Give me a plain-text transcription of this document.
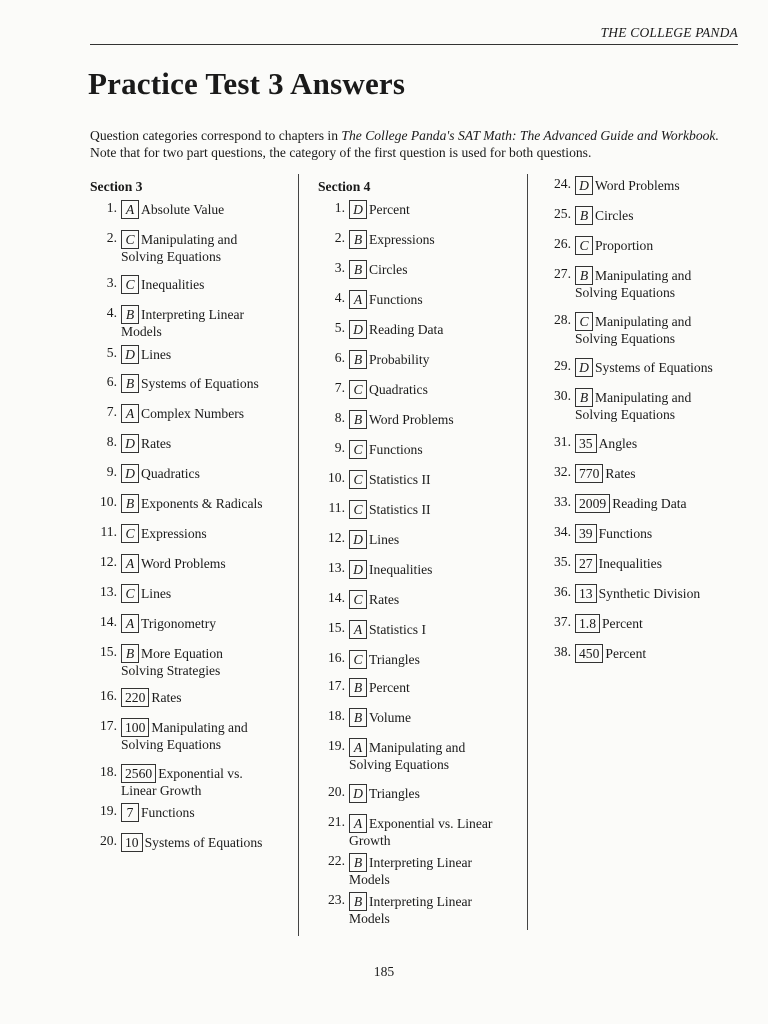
THE COLLEGE PANDA
Practice Test 3 Answers
Question categories correspond to chapters in The College Panda's SAT Math: The Advanced Guide and Workbook.
Note that for two part questions, the category of the first question is used for both questions.
Section 3
1. A Absolute Value
2. C Manipulating and
Solving Equations
3. C Inequalities
4. B Interpreting Linear
Models
5. D Lines
6. B Systems of Equations
7. A Complex Numbers
8. D Rates
9. D Quadratics
10. B Exponents & Radicals
11. C Expressions
12. A Word Problems
13. C Lines
14. A Trigonometry
15. B More Equation
Solving Strategies
16. 220 Rates
17. 100 Manipulating and
Solving Equations
18. 2560 Exponential vs.
Linear Growth
19. 7 Functions
20. 10 Systems of Equations
Section 4
1. D Percent
2. B Expressions
3. B Circles
4. A Functions
5. D Reading Data
6. B Probability
7. C Quadratics
8. B Word Problems
9. C Functions
10. C Statistics II
11. C Statistics II
12. D Lines
13. D Inequalities
14. C Rates
15. A Statistics I
16. C Triangles
17. B Percent
18. B Volume
19. A Manipulating and
Solving Equations
20. D Triangles
21. A Exponential vs. Linear
Growth
22. B Interpreting Linear
Models
23. B Interpreting Linear
Models
24. D Word Problems
25. B Circles
26. C Proportion
27. B Manipulating and
Solving Equations
28. C Manipulating and
Solving Equations
29. D Systems of Equations
30. B Manipulating and
Solving Equations
31. 35 Angles
32. 770 Rates
33. 2009 Reading Data
34. 39 Functions
35. 27 Inequalities
36. 13 Synthetic Division
37. 1.8 Percent
38. 450 Percent
185
